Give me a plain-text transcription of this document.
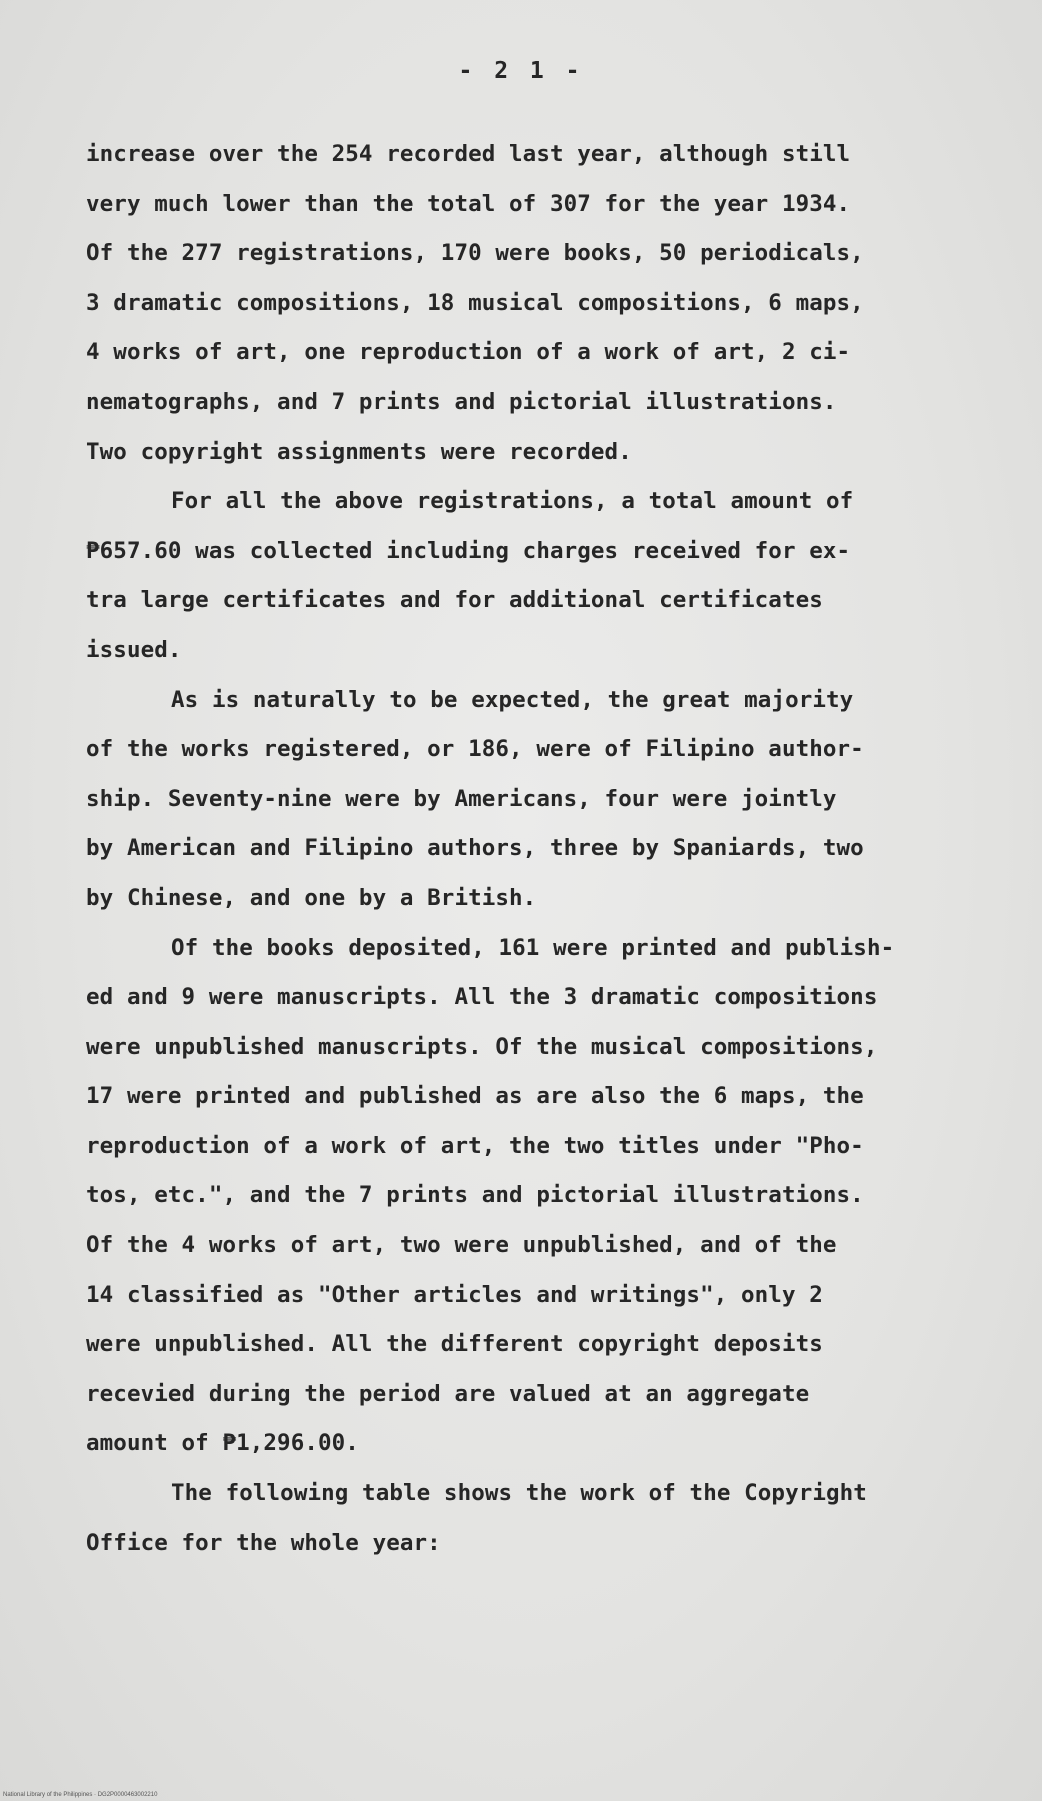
- 2 1 -
increase over the 254 recorded last year, although still
very much lower than the total of 307 for the year 1934.
Of the 277 registrations, 170 were books, 50 periodicals,
3 dramatic compositions, 18 musical compositions, 6 maps,
4 works of art, one reproduction of a work of art, 2 ci-
nematographs, and 7 prints and pictorial illustrations.
Two copyright assignments were recorded.
For all the above registrations, a total amount of
₱657.60 was collected including charges received for ex-
tra large certificates and for additional certificates
issued.
As is naturally to be expected, the great majority
of the works registered, or 186, were of Filipino author-
ship. Seventy-nine were by Americans, four were jointly
by American and Filipino authors, three by Spaniards, two
by Chinese, and one by a British.
Of the books deposited, 161 were printed and publish-
ed and 9 were manuscripts. All the 3 dramatic compositions
were unpublished manuscripts. Of the musical compositions,
17 were printed and published as are also the 6 maps, the
reproduction of a work of art, the two titles under "Pho-
tos, etc.", and the 7 prints and pictorial illustrations.
Of the 4 works of art, two were unpublished, and of the
14 classified as "Other articles and writings", only 2
were unpublished. All the different copyright deposits
recevied during the period are valued at an aggregate
amount of ₱1,296.00.
The following table shows the work of the Copyright
Office for the whole year:
National Library of the Philippines · DG2P0000463002210
